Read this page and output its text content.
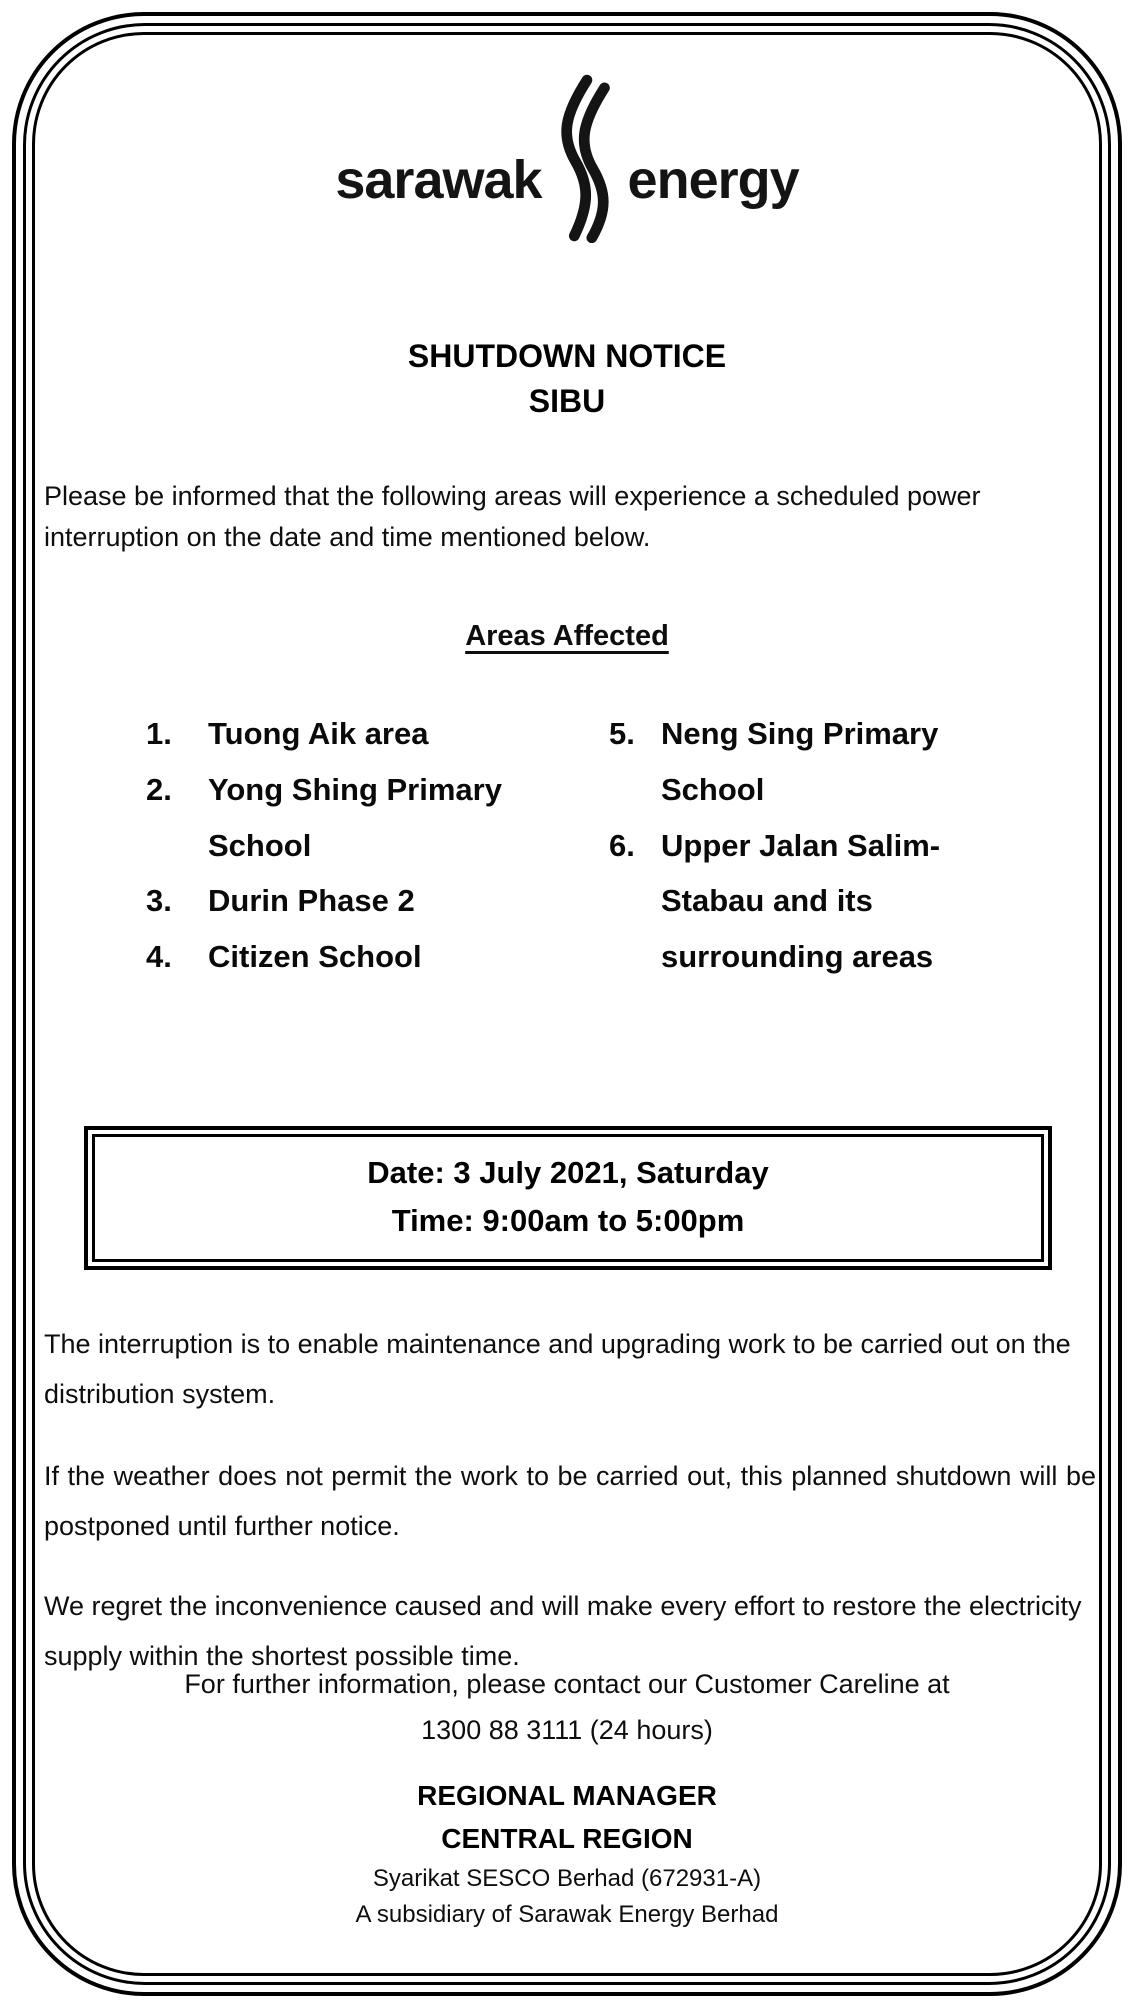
sarawak energy
SHUTDOWN NOTICE
SIBU

Please be informed that the following areas will experience a scheduled power interruption on the date and time mentioned below.

Areas Affected
1.	Tuong Aik area
2.	Yong Shing Primary School
3.	Durin Phase 2
4.	Citizen School
5. Neng Sing Primary School
6. Upper Jalan Salim-Stabau and its surrounding areas
Date: 3 July 2021, Saturday
Time: 9:00am to 5:00pm

The interruption is to enable maintenance and upgrading work to be carried out on the distribution system.

If the weather does not permit the work to be carried out, this planned shutdown will be postponed until further notice.

We regret the inconvenience caused and will make every effort to restore the electricity supply within the shortest possible time.

For further information, please contact our Customer Careline at
1300 88 3111 (24 hours)
REGIONAL MANAGER
CENTRAL REGION
Syarikat SESCO Berhad (672931-A)
A subsidiary of Sarawak Energy Berhad
